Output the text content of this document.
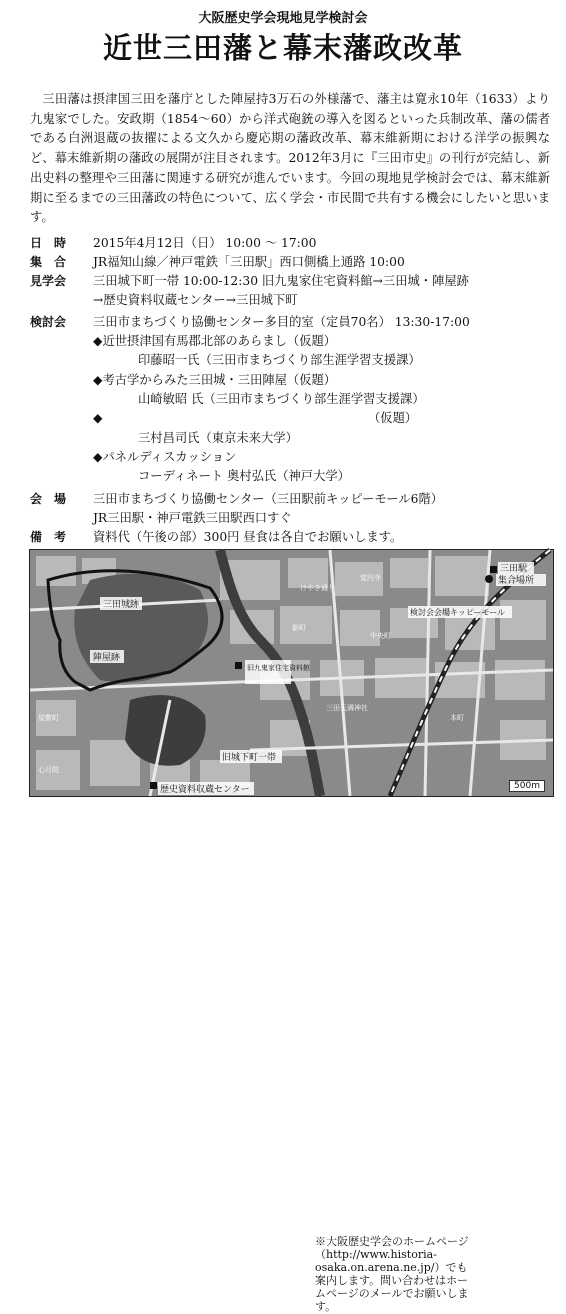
大阪歴史学会現地見学検討会
近世三田藩と幕末藩政改革

三田藩は摂津国三田を藩庁とした陣屋持3万石の外様藩で、藩主は寛永10年（1633）より九鬼家でした。安政期（1854～60）から洋式砲銃の導入を図るといった兵制改革、藩の儒者である白洲退蔵の抜擢による文久から慶応期の藩政改革、幕末維新期における洋学の振興など、幕末維新期の藩政の展開が注目されます。2012年3月に『三田市史』の刊行が完結し、新出史料の整理や三田藩に関連する研究が進んでいます。今回の現地見学検討会では、幕末維新期に至るまでの三田藩政の特色について、広く学会・市民間で共有する機会にしたいと思います。

日時 2015年4月12日（日） 10:00 ～ 17:00
集合 JR福知山線／神戸電鉄「三田駅」西口側橋上通路 10:00
見学会	三田城下町一帯 10:00-12:30 旧九鬼家住宅資料館→三田城・陣屋跡
→歴史資料収蔵センター→三田城下町
検討会	三田市まちづくり協働センター多目的室（定員70名） 13:30-17:00
◆近世摂津国有馬郡北部のあらまし（仮題）
印藤昭一氏（三田市まちづくり部生涯学習支援課）
◆考古学からみた三田城・三田陣屋（仮題）
山崎敏昭 氏（三田市まちづくり部生涯学習支援課）
◆	（仮題）
三村昌司氏（東京未来大学）
◆パネルディスカッション
コーディネート 奥村弘氏（神戸大学）
会場 三田市まちづくり協働センター（三田駅前キッピーモール6階）
JR三田駅・神戸電鉄三田駅西口すぐ
備考 資料代（午後の部）300円 昼食は各自でお願いします。
三田城跡
陣屋跡
旧九鬼家住宅資料館
旧城下町一帯
歴史資料収蔵センター
三田駅
集合場所
検討会会場キッピーモール
けやき通り
覚円寺
新町
中央町
心月院
三田天満神社
本町
屋敷町
※大阪歴史学会のホームページ（http://www.historia-osaka.on.arena.ne.jp/）でも案内します。問い合わせはホームページのメールでお願いします。
500m
